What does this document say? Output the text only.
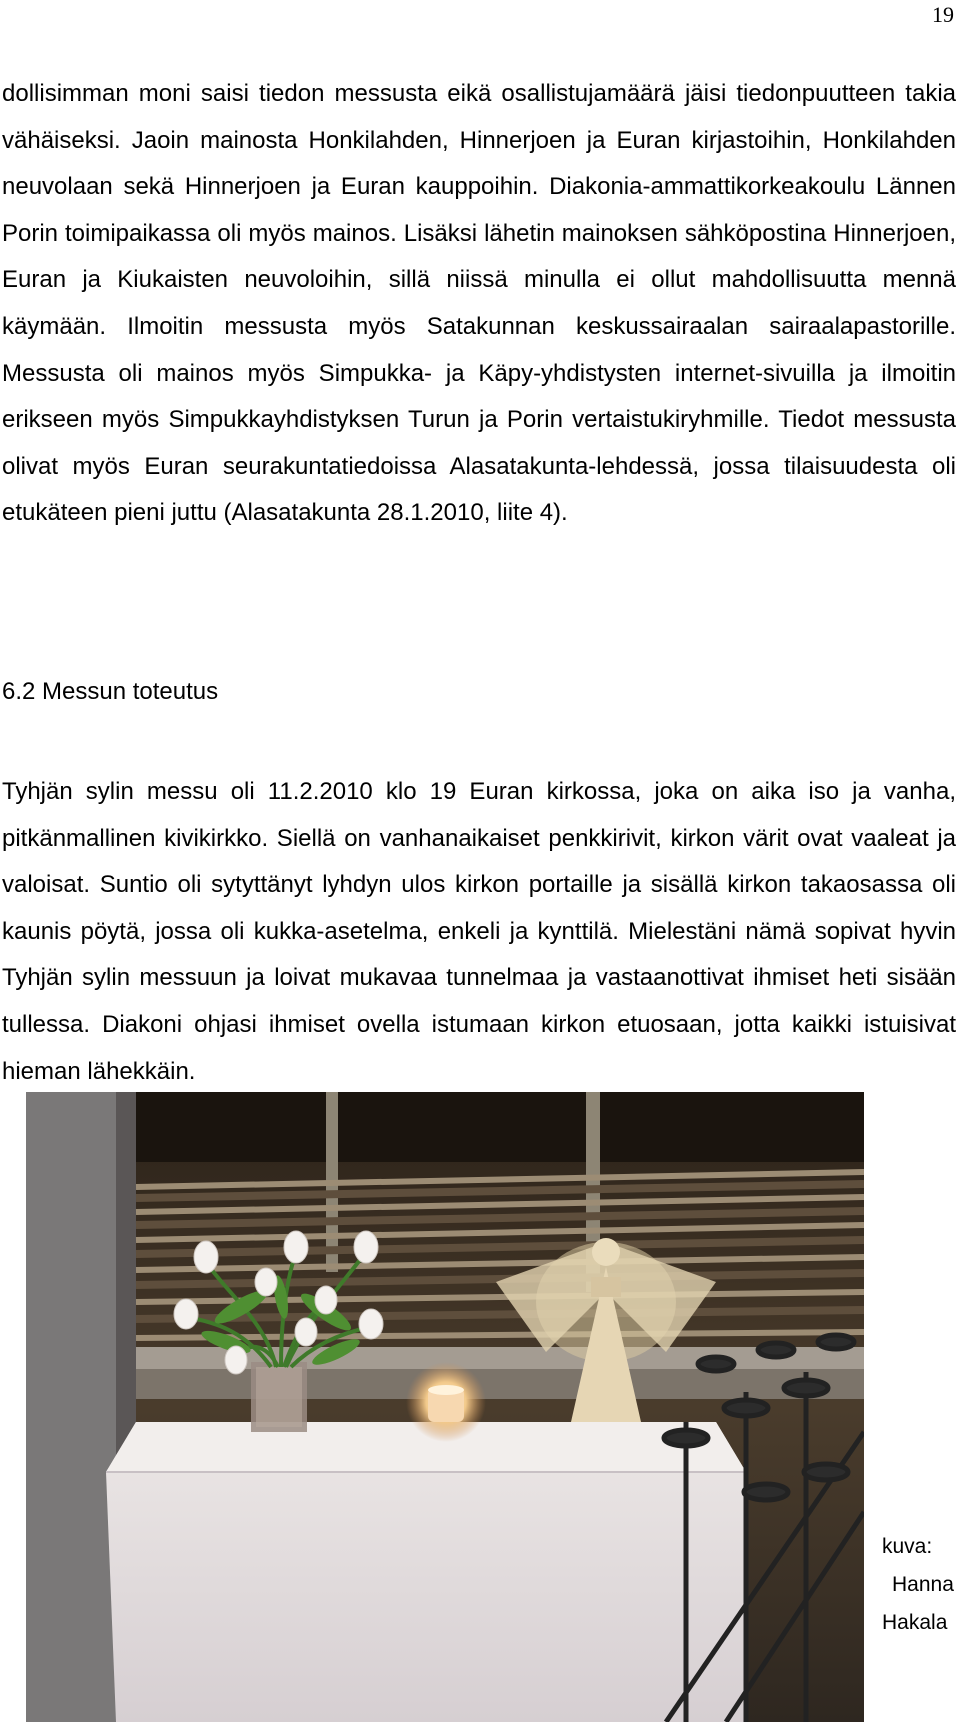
19

dollisimman moni saisi tiedon messusta eikä osallistujamäärä jäisi tiedonpuutteen takia vähäiseksi. Jaoin mainosta Honkilahden, Hinnerjoen ja Euran kirjastoihin, Honkilahden neuvolaan sekä Hinnerjoen ja Euran kauppoihin. Diakonia-ammattikorkeakoulu Lännen Porin toimipaikassa oli myös mainos. Lisäksi lähetin mainoksen sähköpostina Hinnerjoen, Euran ja Kiukaisten neuvoloihin, sillä niissä minulla ei ollut mahdollisuutta mennä käymään. Ilmoitin messusta myös Satakunnan keskussairaalan sairaalapastorille. Messusta oli mainos myös Simpukka- ja Käpy-yhdistysten internet-sivuilla ja ilmoitin erikseen myös Simpukkayhdistyksen Turun ja Porin vertaistukiryhmille. Tiedot messusta olivat myös Euran seurakuntatiedoissa Alasatakunta-lehdessä, jossa tilaisuudesta oli etukäteen pieni juttu (Alasatakunta 28.1.2010, liite 4).

6.2 Messun toteutus

Tyhjän sylin messu oli 11.2.2010 klo 19 Euran kirkossa, joka on aika iso ja vanha, pitkänmallinen kivikirkko. Siellä on vanhanaikaiset penkkirivit, kirkon värit ovat vaaleat ja valoisat. Suntio oli sytyttänyt lyhdyn ulos kirkon portaille ja sisällä kirkon takaosassa oli kaunis pöytä, jossa oli kukka-asetelma, enkeli ja kynttilä. Mielestäni nämä sopivat hyvin Tyhjän sylin messuun ja loivat mukavaa tunnelmaa ja vastaanottivat ihmiset heti sisään tullessa. Diakoni ohjasi ihmiset ovella istumaan kirkon etuosaan, jotta kaikki istuisivat hieman lähekkäin.

kuva:
Hanna
Hakala
